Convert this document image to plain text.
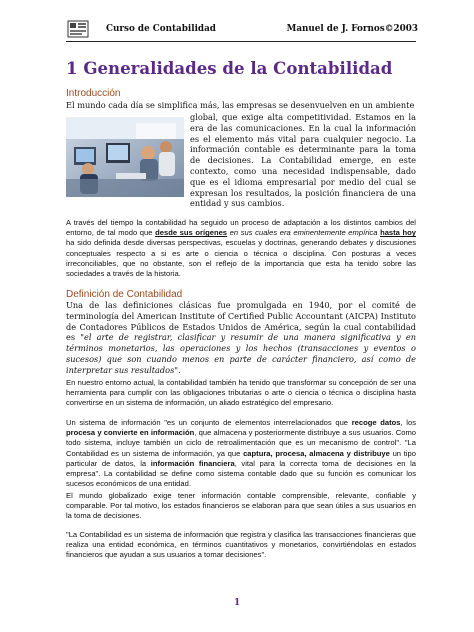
Curso de Contabilidad	Manuel de J. Fornos©2003
1 Generalidades de la Contabilidad
Introducción
El mundo cada día se simplifica más, las empresas se desenvuelven en un ambiente
global, que exige alta competitividad. Estamos en la era de las comunicaciones. En la cual la información es el elemento más vital para cualquier negocio. La información contable es determinante para la toma de decisiones. La Contabilidad emerge, en este contexto, como una necesidad indispensable, dado que es el idioma empresarial por medio del cual se expresan los resultados, la posición financiera de una entidad y sus cambios.
A través del tiempo la contabilidad ha seguido un proceso de adaptación a los distintos cambios del entorno, de tal modo que desde sus orígenes en sus cuales era eminentemente empírica hasta hoy ha sido definida desde diversas perspectivas, escuelas y doctrinas, generando debates y discusiones conceptuales respecto a si es arte o ciencia o técnica o disciplina. Con posturas a veces irreconciliables, que no obstante, son el reflejo de la importancia que esta ha tenido sobre las sociedades a través de la historia.
Definición de Contabilidad
Una de las definiciones clásicas fue promulgada en 1940, por el comité de terminología del American Institute of Certified Public Accountant (AICPA) Instituto de Contadores Públicos de Estados Unidos de América, según la cual contabilidad es "el arte de registrar, clasificar y resumir de una manera significativa y en términos monetarios, las operaciones y los hechos (transacciones y eventos o sucesos) que son cuando menos en parte de carácter financiero, así como de interpretar sus resultados".
En nuestro entorno actual, la contabilidad también ha tenido que transformar su concepción de ser una herramienta para cumplir con las obligaciones tributarias o arte o ciencia o técnica o disciplina hasta convertirse en un sistema de información, un aliado estratégico del empresario.
Un sistema de información "es un conjunto de elementos interrelacionados que recoge datos, los procesa y convierte en información, que almacena y posteriormente distribuye a sus usuarios. Como todo sistema, incluye también un ciclo de retroalimentación que es un mecanismo de control". "La Contabilidad es un sistema de información, ya que captura, procesa, almacena y distribuye un tipo particular de datos, la información financiera, vital para la correcta toma de decisiones en la empresa". La contabilidad se define como sistema contable dado que su función es comunicar los sucesos económicos de una entidad.
El mundo globalizado exige tener información contable comprensible, relevante, confiable y comparable. Por tal motivo, los estados financieros se elaboran para que sean útiles a sus usuarios en la toma de decisiones.
"La Contabilidad es un sistema de información que registra y clasifica las transacciones financieras que realiza una entidad económica, en términos cuantitativos y monetarios, convirtiéndolas en estados financieros que ayudan a sus usuarios a tomar decisiones".
1
